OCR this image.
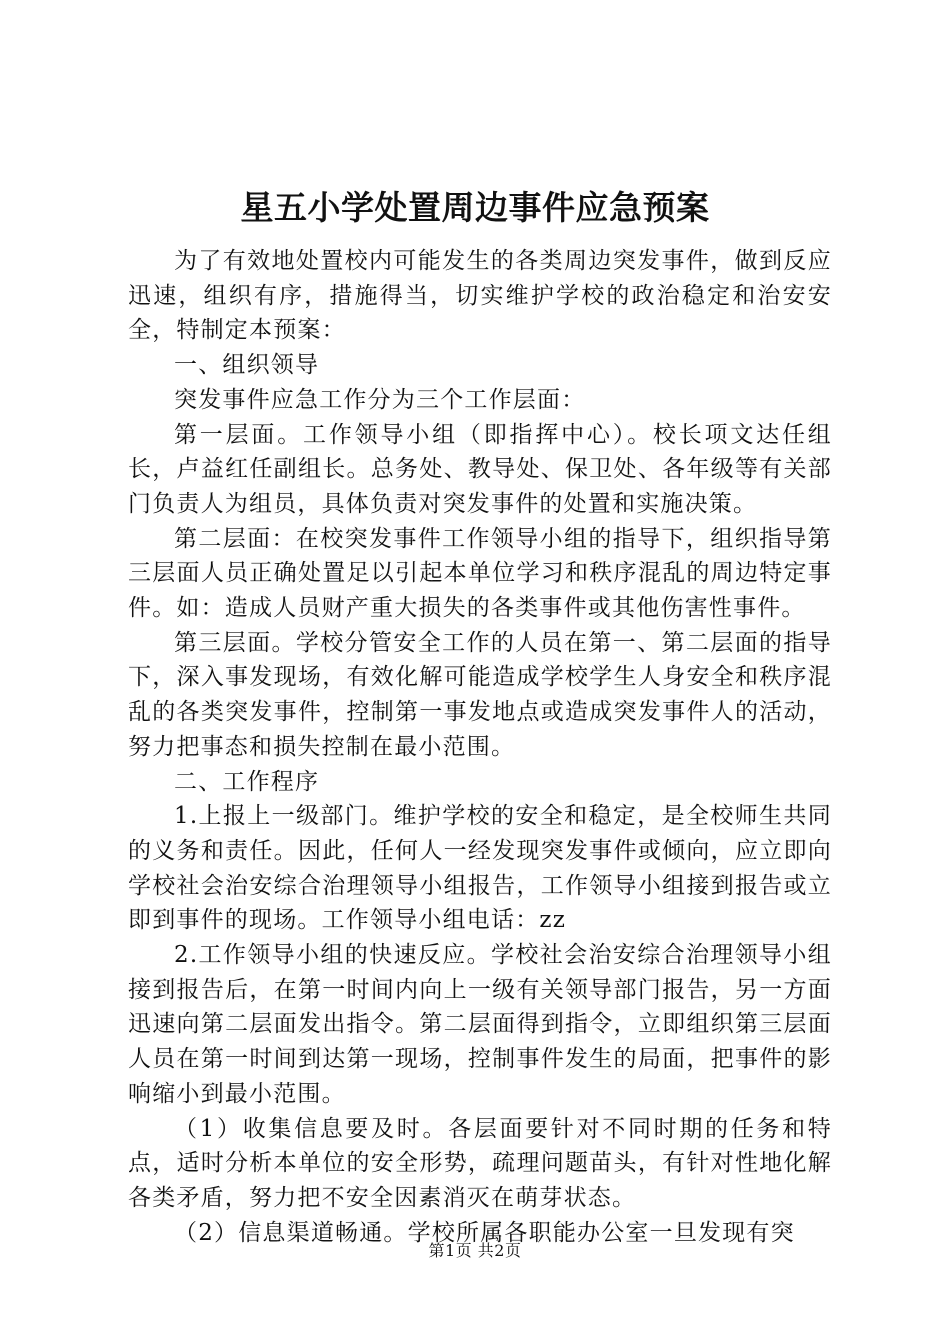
星五小学处置周边事件应急预案

为了有效地处置校内可能发生的各类周边突发事件，做到反应迅速，组织有序，措施得当，切实维护学校的政治稳定和治安安全，特制定本预案：

一、组织领导

突发事件应急工作分为三个工作层面：

第一层面。工作领导小组（即指挥中心）。校长项文达任组长，卢益红任副组长。总务处、教导处、保卫处、各年级等有关部门负责人为组员，具体负责对突发事件的处置和实施决策。

第二层面：在校突发事件工作领导小组的指导下，组织指导第三层面人员正确处置足以引起本单位学习和秩序混乱的周边特定事件。如：造成人员财产重大损失的各类事件或其他伤害性事件。

第三层面。学校分管安全工作的人员在第一、第二层面的指导下，深入事发现场，有效化解可能造成学校学生人身安全和秩序混乱的各类突发事件，控制第一事发地点或造成突发事件人的活动，努力把事态和损失控制在最小范围。

二、工作程序

1.上报上一级部门。维护学校的安全和稳定，是全校师生共同的义务和责任。因此，任何人一经发现突发事件或倾向，应立即向学校社会治安综合治理领导小组报告，工作领导小组接到报告或立即到事件的现场。工作领导小组电话：zz

2.工作领导小组的快速反应。学校社会治安综合治理领导小组接到报告后，在第一时间内向上一级有关领导部门报告，另一方面迅速向第二层面发出指令。第二层面得到指令，立即组织第三层面人员在第一时间到达第一现场，控制事件发生的局面，把事件的影响缩小到最小范围。

（1）收集信息要及时。各层面要针对不同时期的任务和特点，适时分析本单位的安全形势，疏理问题苗头，有针对性地化解各类矛盾，努力把不安全因素消灭在萌芽状态。

（2）信息渠道畅通。学校所属各职能办公室一旦发现有突

第1页 共2页
